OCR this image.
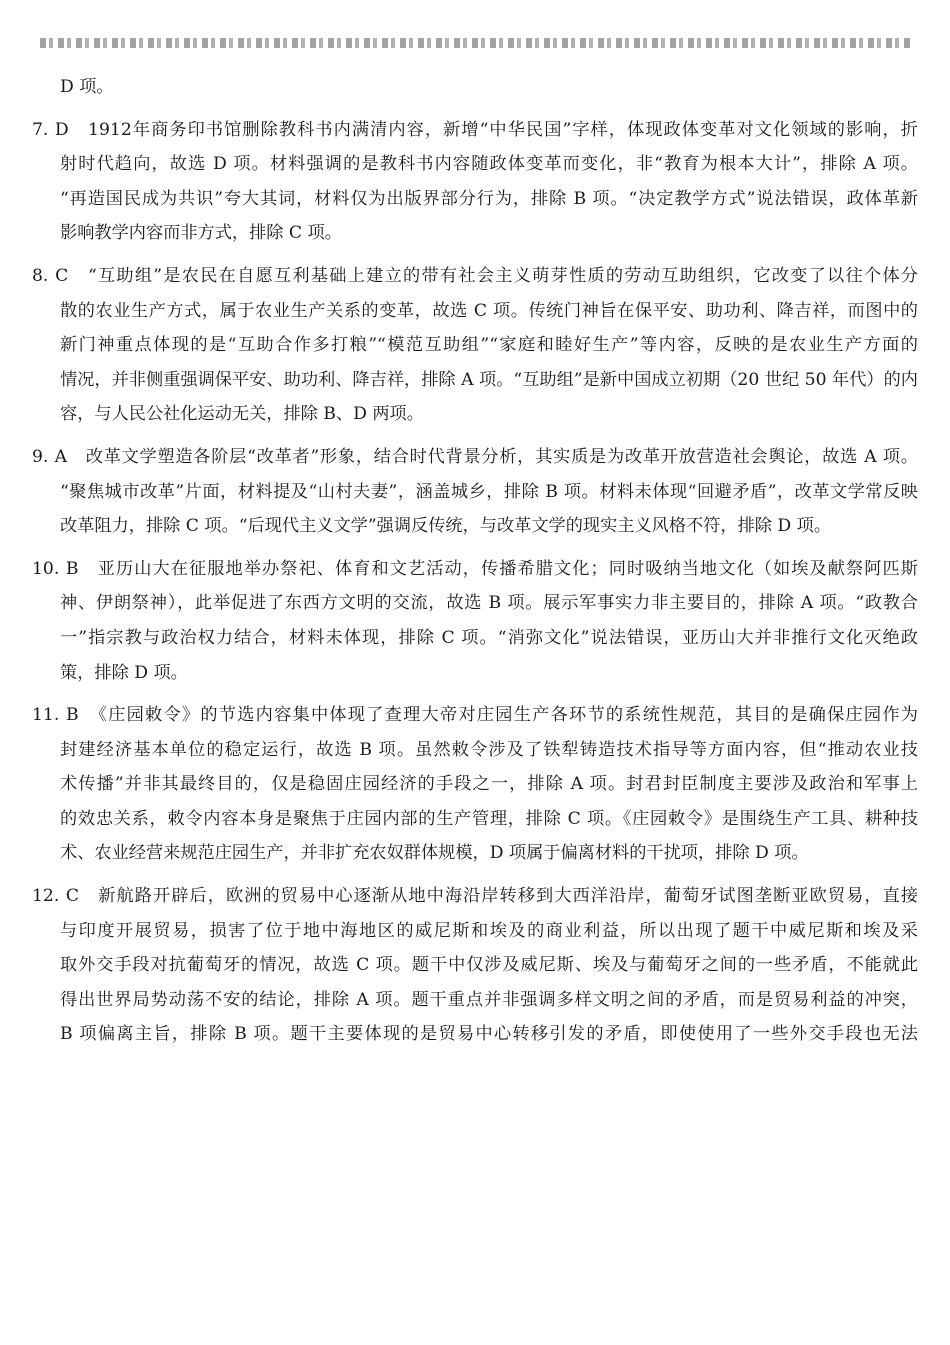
D 项。
7. D　1912年商务印书馆删除教科书内满清内容，新增“中华民国”字样，体现政体变革对文化领域的影响，折
射时代趋向，故选 D 项。材料强调的是教科书内容随政体变革而变化，非“教育为根本大计”，排除 A 项。
“再造国民成为共识”夸大其词，材料仅为出版界部分行为，排除 B 项。“决定教学方式”说法错误，政体革新
影响教学内容而非方式，排除 C 项。
8. C　“互助组”是农民在自愿互利基础上建立的带有社会主义萌芽性质的劳动互助组织，它改变了以往个体分
散的农业生产方式，属于农业生产关系的变革，故选 C 项。传统门神旨在保平安、助功利、降吉祥，而图中的
新门神重点体现的是“互助合作多打粮”“模范互助组”“家庭和睦好生产”等内容，反映的是农业生产方面的
情况，并非侧重强调保平安、助功利、降吉祥，排除 A 项。“互助组”是新中国成立初期（20 世纪 50 年代）的内
容，与人民公社化运动无关，排除 B、D 两项。
9. A　改革文学塑造各阶层“改革者”形象，结合时代背景分析，其实质是为改革开放营造社会舆论，故选 A 项。
“聚焦城市改革”片面，材料提及“山村夫妻”，涵盖城乡，排除 B 项。材料未体现“回避矛盾”，改革文学常反映
改革阻力，排除 C 项。“后现代主义文学”强调反传统，与改革文学的现实主义风格不符，排除 D 项。
10. B　亚历山大在征服地举办祭祀、体育和文艺活动，传播希腊文化；同时吸纳当地文化（如埃及献祭阿匹斯
神、伊朗祭神），此举促进了东西方文明的交流，故选 B 项。展示军事实力非主要目的，排除 A 项。“政教合
一”指宗教与政治权力结合，材料未体现，排除 C 项。“消弥文化”说法错误，亚历山大并非推行文化灭绝政
策，排除 D 项。
11. B　《庄园敕令》的节选内容集中体现了查理大帝对庄园生产各环节的系统性规范，其目的是确保庄园作为
封建经济基本单位的稳定运行，故选 B 项。虽然敕令涉及了铁犁铸造技术指导等方面内容，但“推动农业技
术传播”并非其最终目的，仅是稳固庄园经济的手段之一，排除 A 项。封君封臣制度主要涉及政治和军事上
的效忠关系，敕令内容本身是聚焦于庄园内部的生产管理，排除 C 项。《庄园敕令》是围绕生产工具、耕种技
术、农业经营来规范庄园生产，并非扩充农奴群体规模，D 项属于偏离材料的干扰项，排除 D 项。
12. C　新航路开辟后，欧洲的贸易中心逐渐从地中海沿岸转移到大西洋沿岸，葡萄牙试图垄断亚欧贸易，直接
与印度开展贸易，损害了位于地中海地区的威尼斯和埃及的商业利益，所以出现了题干中威尼斯和埃及采
取外交手段对抗葡萄牙的情况，故选 C 项。题干中仅涉及威尼斯、埃及与葡萄牙之间的一些矛盾，不能就此
得出世界局势动荡不安的结论，排除 A 项。题干重点并非强调多样文明之间的矛盾，而是贸易利益的冲突，
B 项偏离主旨，排除 B 项。题干主要体现的是贸易中心转移引发的矛盾，即使使用了一些外交手段也无法
